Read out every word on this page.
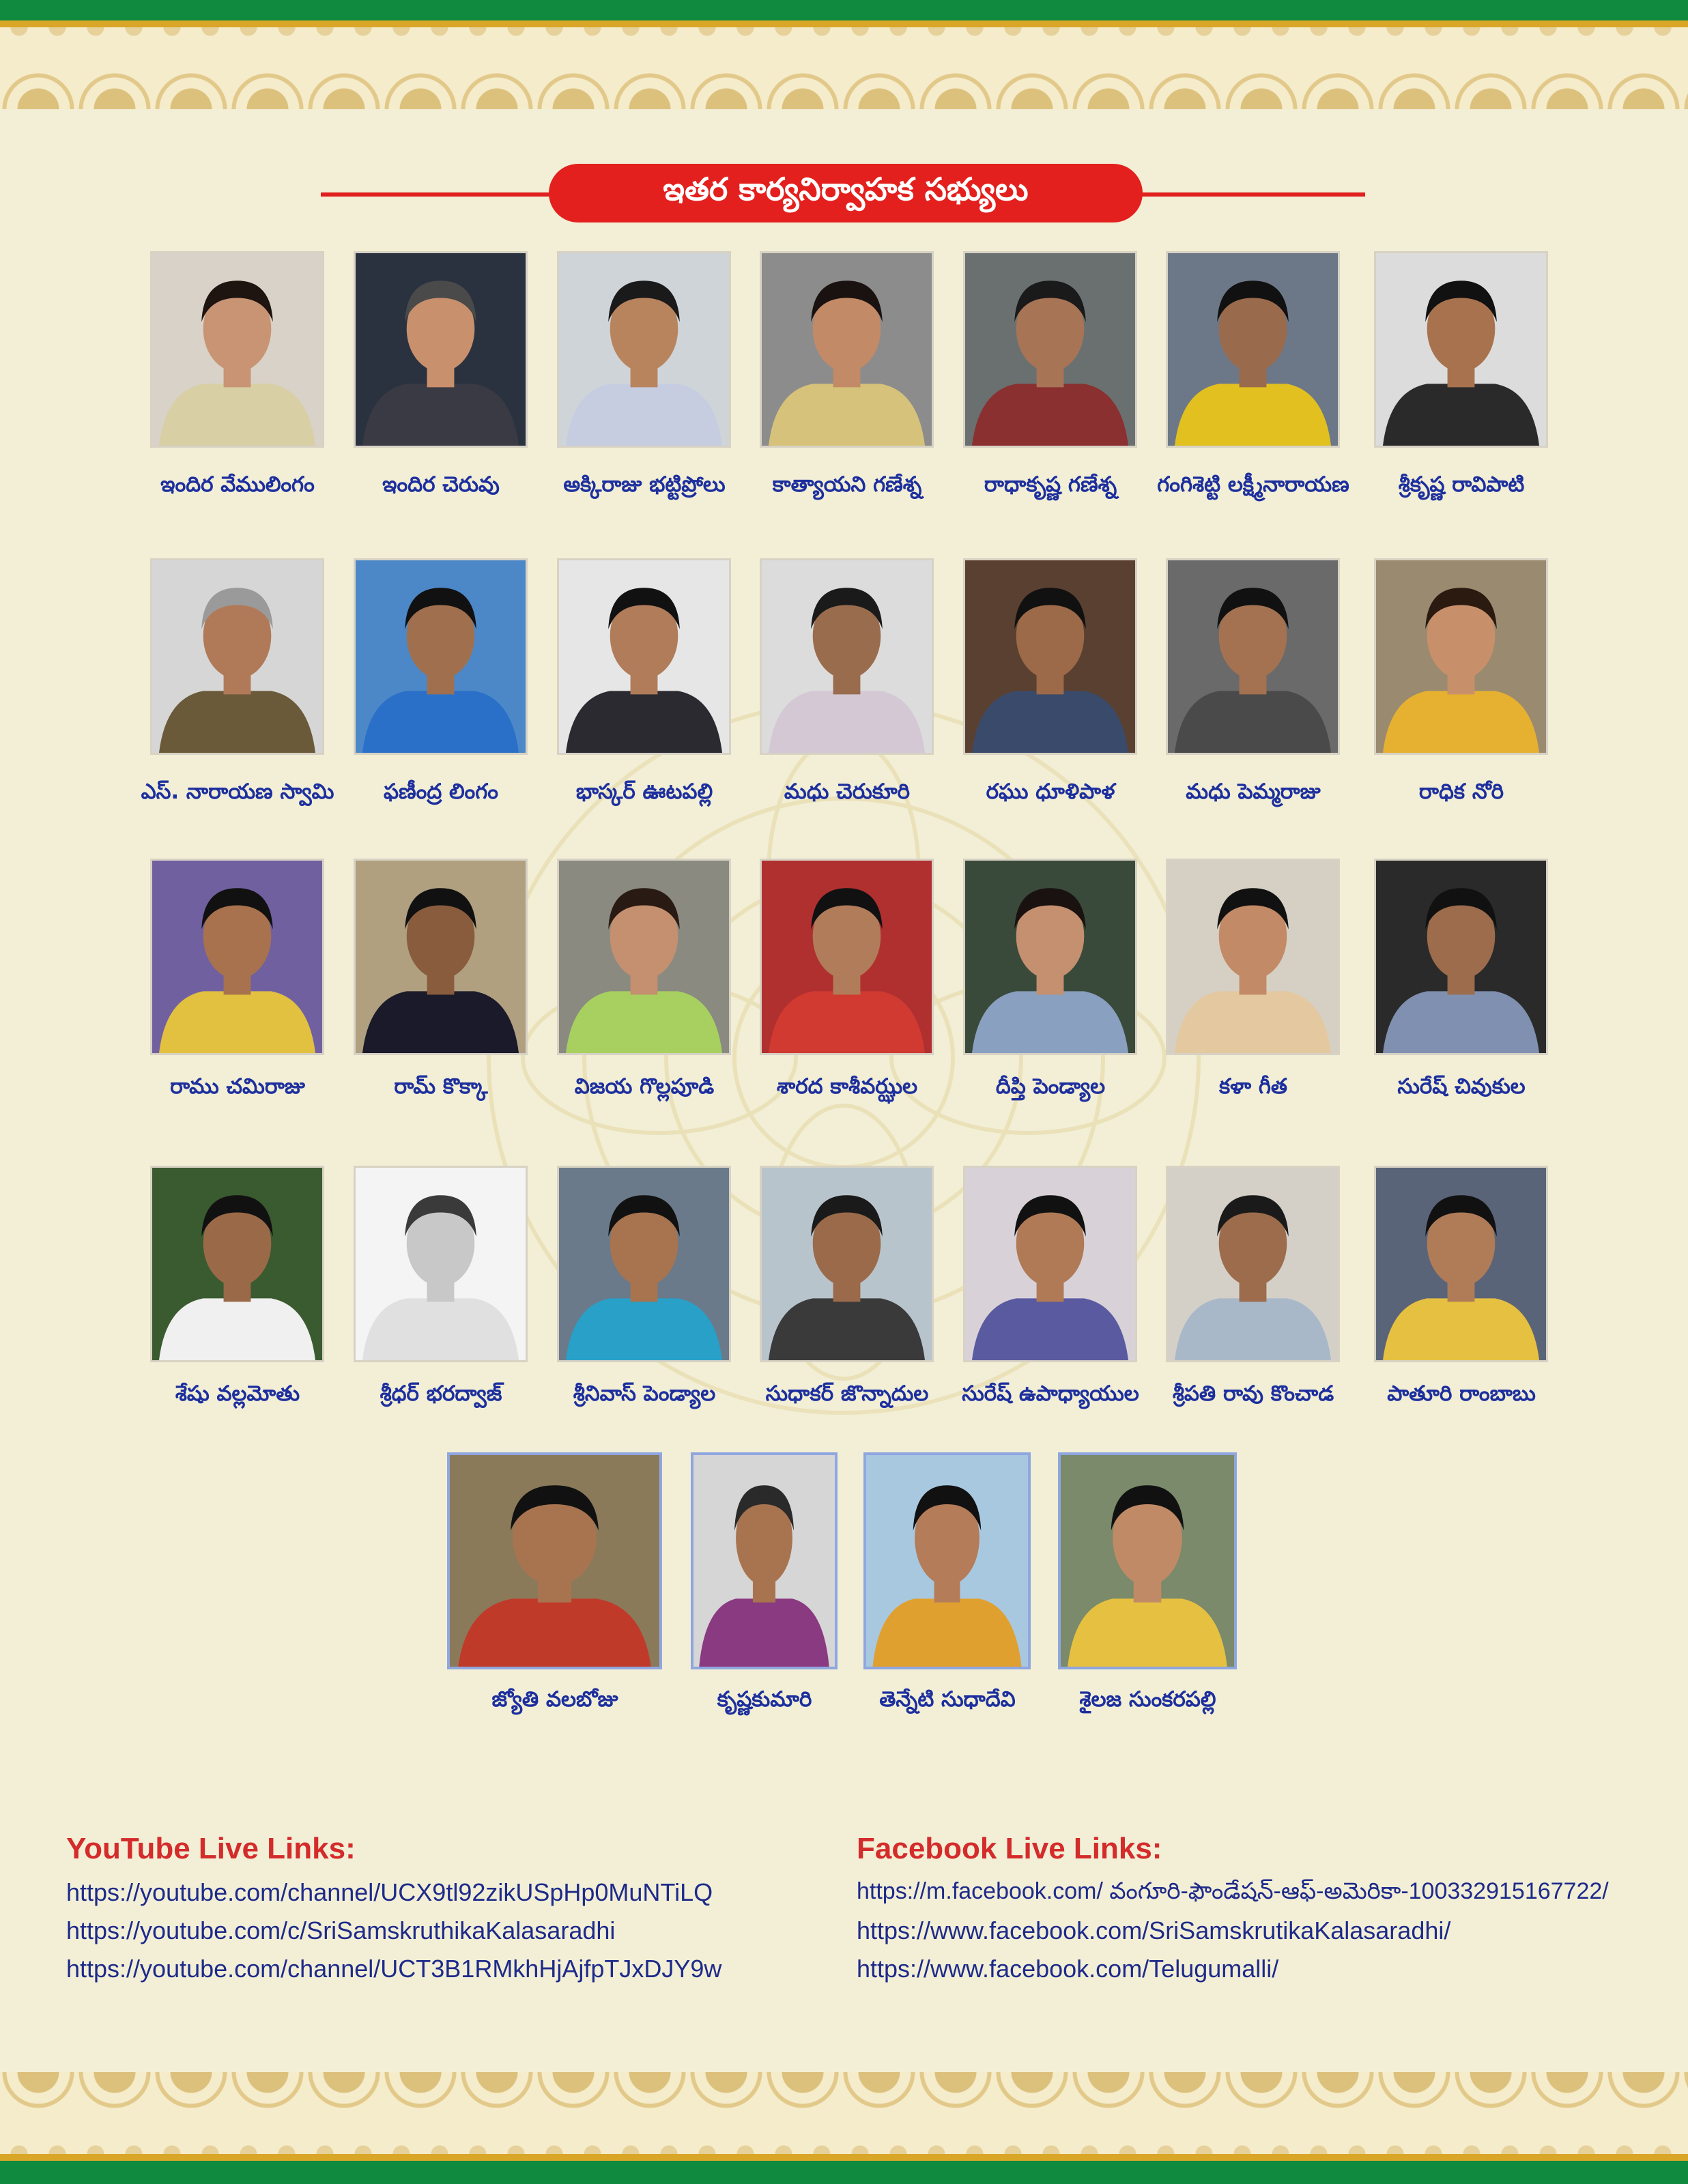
ఇతర కార్యనిర్వాహక సభ్యులు
ఇందిర వేములింగం	ఇందిర చెరువు	అక్కిరాజు భట్టిప్రోలు	కాత్యాయని గణేశ్న	రాధాకృష్ణ గణేశ్న	గంగిశెట్టి లక్ష్మీనారాయణ	శ్రీకృష్ణ రావిపాటి
ఎస్. నారాయణ స్వామి	ఫణీంద్ర లింగం	భాస్కర్ ఊటపల్లి	మధు చెరుకూరి	రఘు ధూళిపాళ	మధు పెమ్మరాజు	రాధిక నోరి
రాము చమిరాజు	రామ్ కొక్కా	విజయ గొల్లపూడి	శారద కాశీవఝ్ఝల	దీప్తి పెండ్యాల	కళా గీత	సురేష్ చివుకుల
శేషు వల్లమోతు	శ్రీధర్ భరద్వాజ్	శ్రీనివాస్ పెండ్యాల	సుధాకర్ జొన్నాదుల	సురేష్ ఉపాధ్యాయుల	శ్రీపతి రావు కొంచాడ	పాతూరి రాంబాబు
జ్యోతి వలబోజు	కృష్ణకుమారి	తెన్నేటి సుధాదేవి	శైలజ సుంకరపల్లి
YouTube Live Links:
https://youtube.com/channel/UCX9tl92zikUSpHp0MuNTiLQ
https://youtube.com/c/SriSamskruthikaKalasaradhi
https://youtube.com/channel/UCT3B1RMkhHjAjfpTJxDJY9w
Facebook Live Links:
https://m.facebook.com/ వంగూరి-ఫౌండేషన్-ఆఫ్-అమెరికా-100332915167722/
https://www.facebook.com/SriSamskrutikaKalasaradhi/
https://www.facebook.com/Telugumalli/
